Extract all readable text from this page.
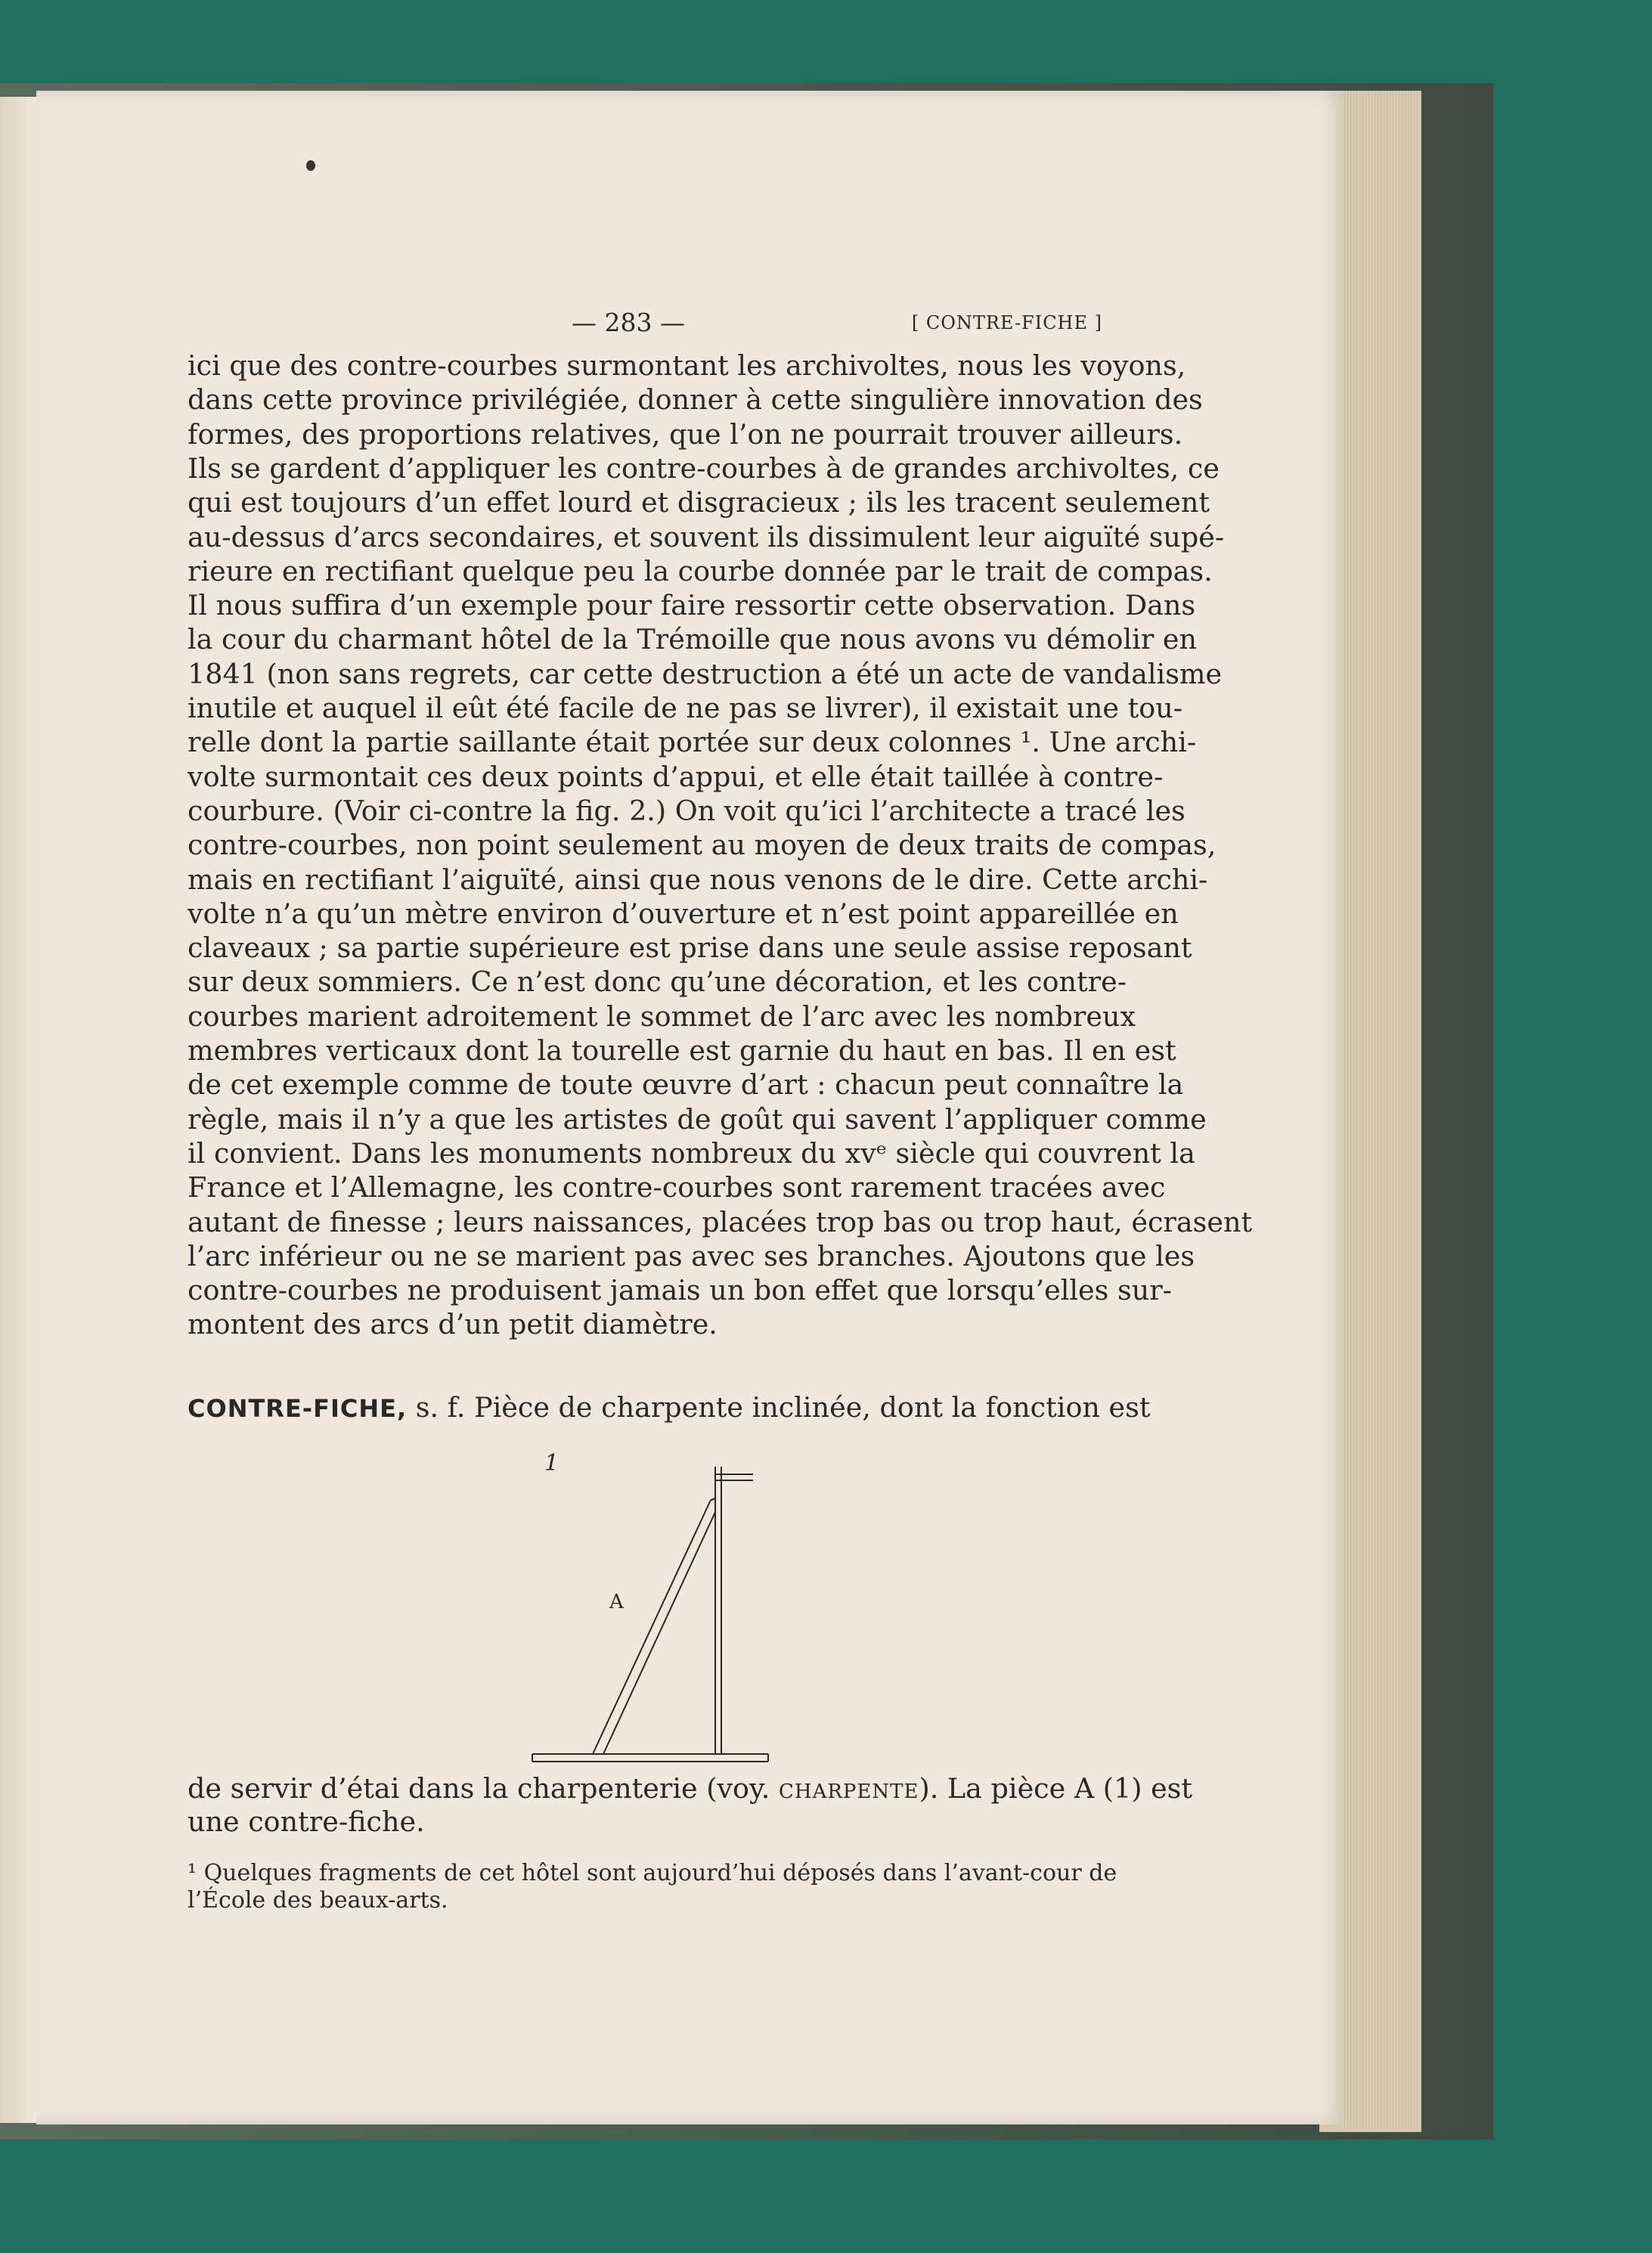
— 283 —	[ CONTRE-FICHE ]
ici que des contre-courbes surmontant les archivoltes, nous les voyons,
dans cette province privilégiée, donner à cette singulière innovation des
formes, des proportions relatives, que l’on ne pourrait trouver ailleurs.
Ils se gardent d’appliquer les contre-courbes à de grandes archivoltes, ce
qui est toujours d’un effet lourd et disgracieux ; ils les tracent seulement
au-dessus d’arcs secondaires, et souvent ils dissimulent leur aiguïté supé-
rieure en rectifiant quelque peu la courbe donnée par le trait de compas.
Il nous suffira d’un exemple pour faire ressortir cette observation. Dans
la cour du charmant hôtel de la Trémoille que nous avons vu démolir en
1841 (non sans regrets, car cette destruction a été un acte de vandalisme
inutile et auquel il eût été facile de ne pas se livrer), il existait une tou-
relle dont la partie saillante était portée sur deux colonnes ¹. Une archi-
volte surmontait ces deux points d’appui, et elle était taillée à contre-
courbure. (Voir ci-contre la fig. 2.) On voit qu’ici l’architecte a tracé les
contre-courbes, non point seulement au moyen de deux traits de compas,
mais en rectifiant l’aiguïté, ainsi que nous venons de le dire. Cette archi-
volte n’a qu’un mètre environ d’ouverture et n’est point appareillée en
claveaux ; sa partie supérieure est prise dans une seule assise reposant
sur deux sommiers. Ce n’est donc qu’une décoration, et les contre-
courbes marient adroitement le sommet de l’arc avec les nombreux
membres verticaux dont la tourelle est garnie du haut en bas. Il en est
de cet exemple comme de toute œuvre d’art : chacun peut connaître la
règle, mais il n’y a que les artistes de goût qui savent l’appliquer comme
il convient. Dans les monuments nombreux du xvᵉ siècle qui couvrent la
France et l’Allemagne, les contre-courbes sont rarement tracées avec
autant de finesse ; leurs naissances, placées trop bas ou trop haut, écrasent
l’arc inférieur ou ne se marient pas avec ses branches. Ajoutons que les
contre-courbes ne produisent jamais un bon effet que lorsqu’elles sur-
montent des arcs d’un petit diamètre.
CONTRE-FICHE, s. f. Pièce de charpente inclinée, dont la fonction est
1
A
de servir d’étai dans la charpenterie (voy. CHARPENTE). La pièce A (1) est
une contre-fiche.
¹ Quelques fragments de cet hôtel sont aujourd’hui déposés dans l’avant-cour de
l’École des beaux-arts.
